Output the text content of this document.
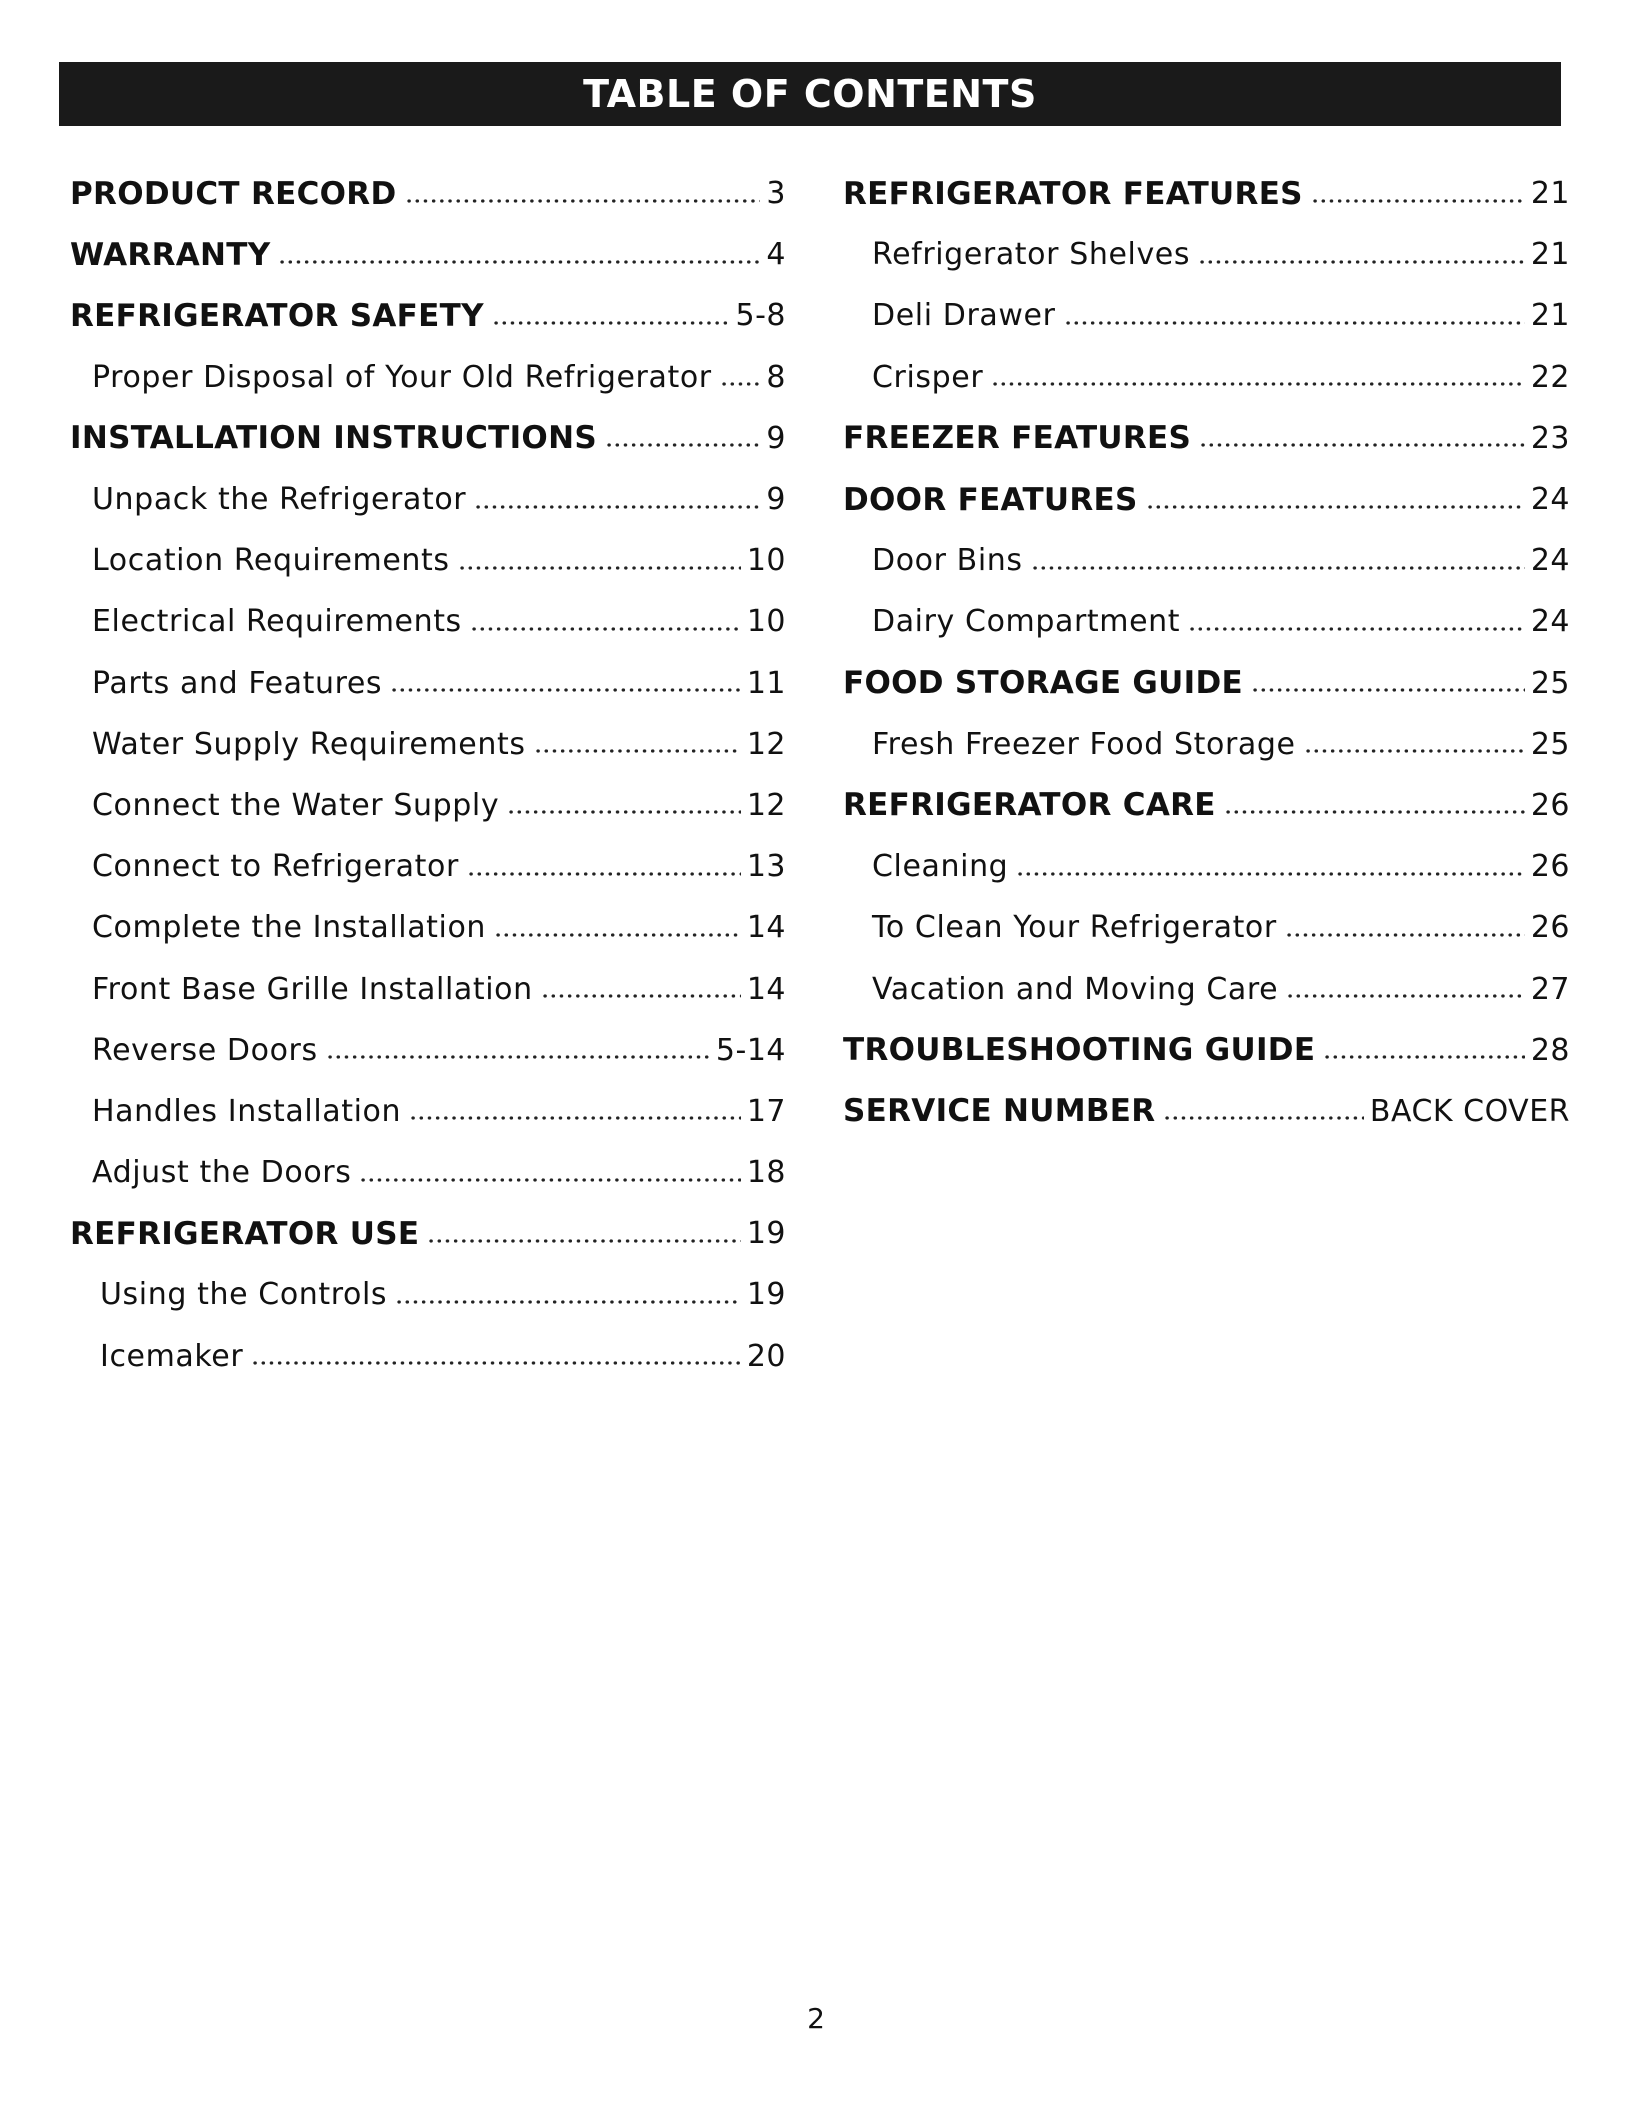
TABLE OF CONTENTS
PRODUCT RECORD	3
WARRANTY	4
REFRIGERATOR SAFETY	5-8
Proper Disposal of Your Old Refrigerator 8
INSTALLATION INSTRUCTIONS	9
Unpack the Refrigerator	9
Location Requirements	10
Electrical Requirements	10
Parts and Features	11
Water Supply Requirements	12
Connect the Water Supply	12
Connect to Refrigerator	13
Complete the Installation	14
Front Base Grille Installation	14
Reverse Doors	5-14
Handles Installation	17
Adjust the Doors	18
REFRIGERATOR USE	19
Using the Controls	19
Icemaker	20
REFRIGERATOR FEATURES	21
Refrigerator Shelves	21
Deli Drawer	21
Crisper	22
FREEZER FEATURES	23
DOOR FEATURES	24
Door Bins	24
Dairy Compartment	24
FOOD STORAGE GUIDE	25
Fresh Freezer Food Storage	25
REFRIGERATOR CARE	26
Cleaning	26
To Clean Your Refrigerator	26
Vacation and Moving Care	27
TROUBLESHOOTING GUIDE	28
SERVICE NUMBER	BACK COVER
2
